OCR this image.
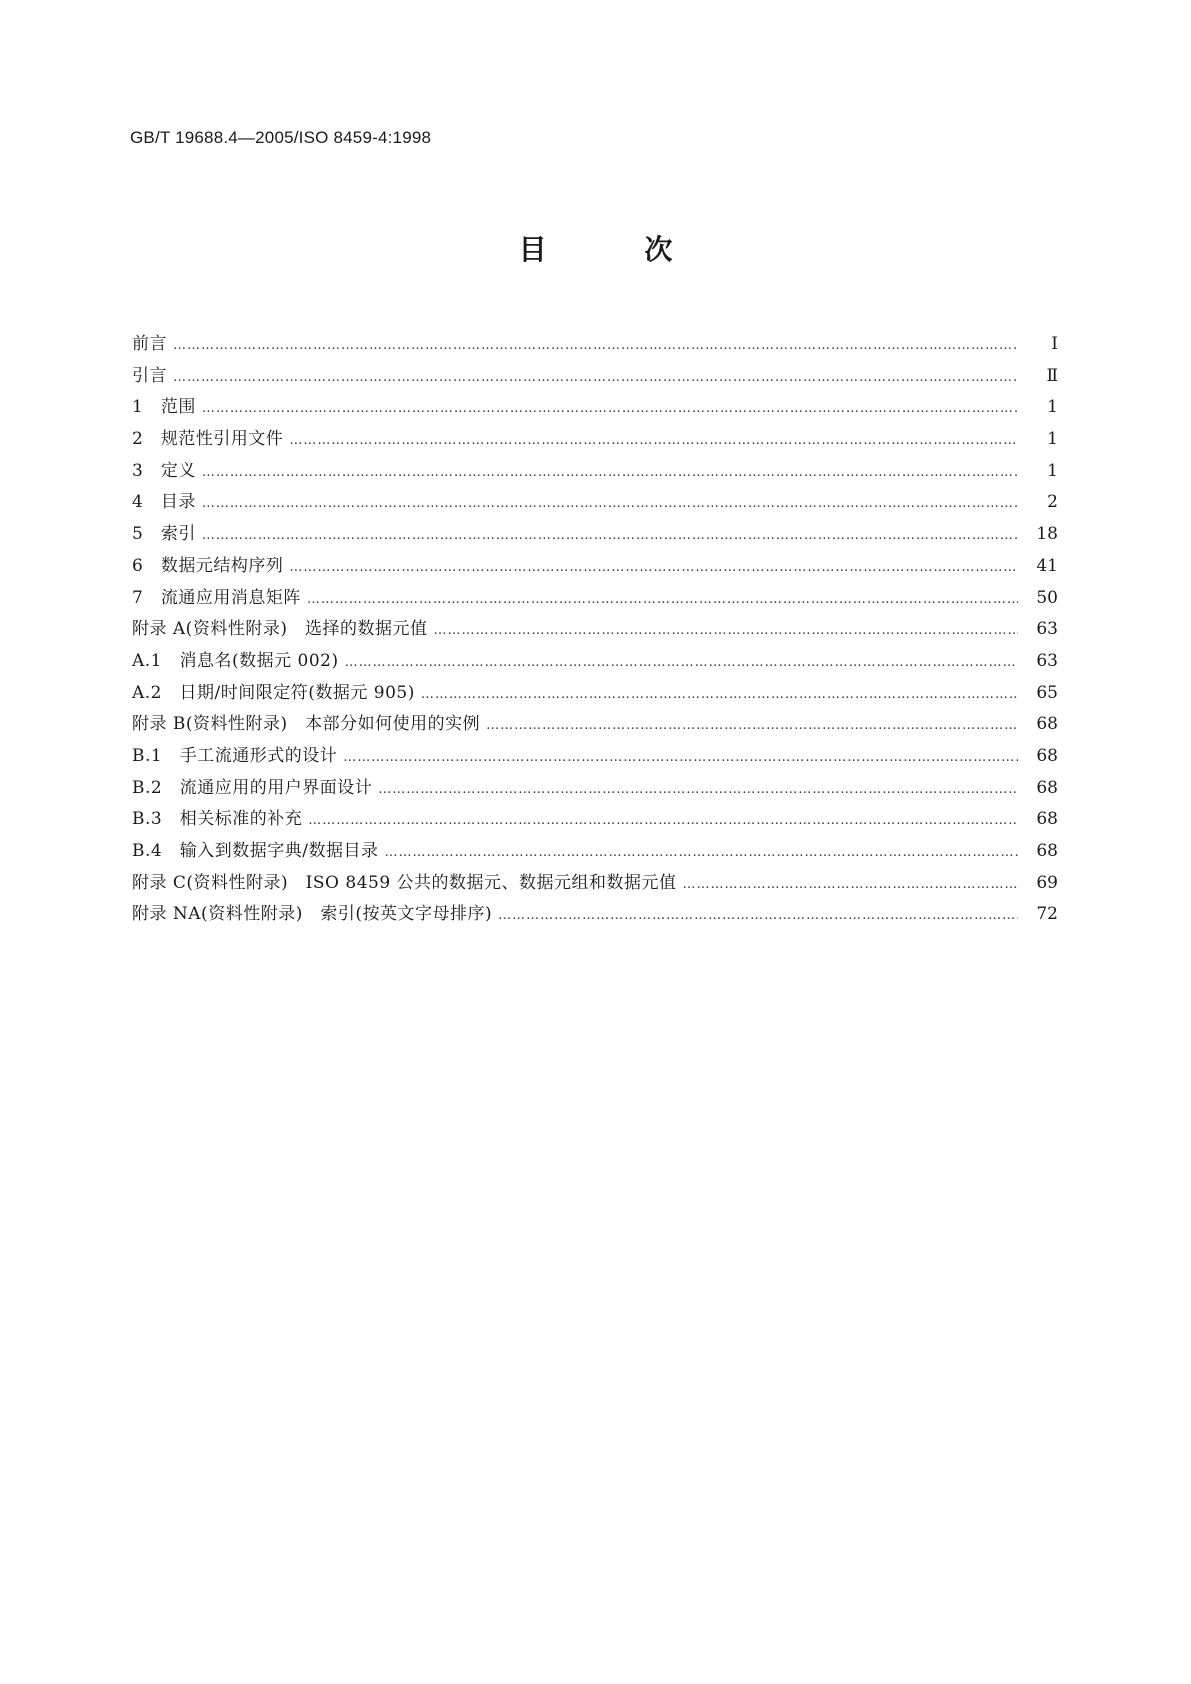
GB/T 19688.4—2005/ISO 8459-4:1998
目 次
前言 ……………………………………………………………………………………………………………………………………………………………………………………………………………………………………	Ⅰ
引言 ……………………………………………………………………………………………………………………………………………………………………………………………………………………………………	Ⅱ
1　范围 ……………………………………………………………………………………………………………………………………………………………………………………………………………………………………	1
2　规范性引用文件 ……………………………………………………………………………………………………………………………………………………………………………………………………………………………………	1
3　定义 ……………………………………………………………………………………………………………………………………………………………………………………………………………………………………	1
4　目录 ……………………………………………………………………………………………………………………………………………………………………………………………………………………………………	2
5　索引 ……………………………………………………………………………………………………………………………………………………………………………………………………………………………………	18
6　数据元结构序列 ……………………………………………………………………………………………………………………………………………………………………………………………………………………………………	41
7　流通应用消息矩阵 ……………………………………………………………………………………………………………………………………………………………………………………………………………………………………	50
附录 A(资料性附录)　选择的数据元值 ……………………………………………………………………………………………………………………………………………………………………………………………………………………………………	63
A.1　消息名(数据元 002) ……………………………………………………………………………………………………………………………………………………………………………………………………………………………………	63
A.2　日期/时间限定符(数据元 905) ……………………………………………………………………………………………………………………………………………………………………………………………………………………………………	65
附录 B(资料性附录)　本部分如何使用的实例 ……………………………………………………………………………………………………………………………………………………………………………………………………………………………………	68
B.1　手工流通形式的设计 ……………………………………………………………………………………………………………………………………………………………………………………………………………………………………	68
B.2　流通应用的用户界面设计 ……………………………………………………………………………………………………………………………………………………………………………………………………………………………………	68
B.3　相关标准的补充 ……………………………………………………………………………………………………………………………………………………………………………………………………………………………………	68
B.4　输入到数据字典/数据目录 ……………………………………………………………………………………………………………………………………………………………………………………………………………………………………	68
附录 C(资料性附录)　ISO 8459 公共的数据元、数据元组和数据元值 ……………………………………………………………………………………………………………………………………………………………………………………………………………………………………	69
附录 NA(资料性附录)　索引(按英文字母排序) ……………………………………………………………………………………………………………………………………………………………………………………………………………………………………	72
